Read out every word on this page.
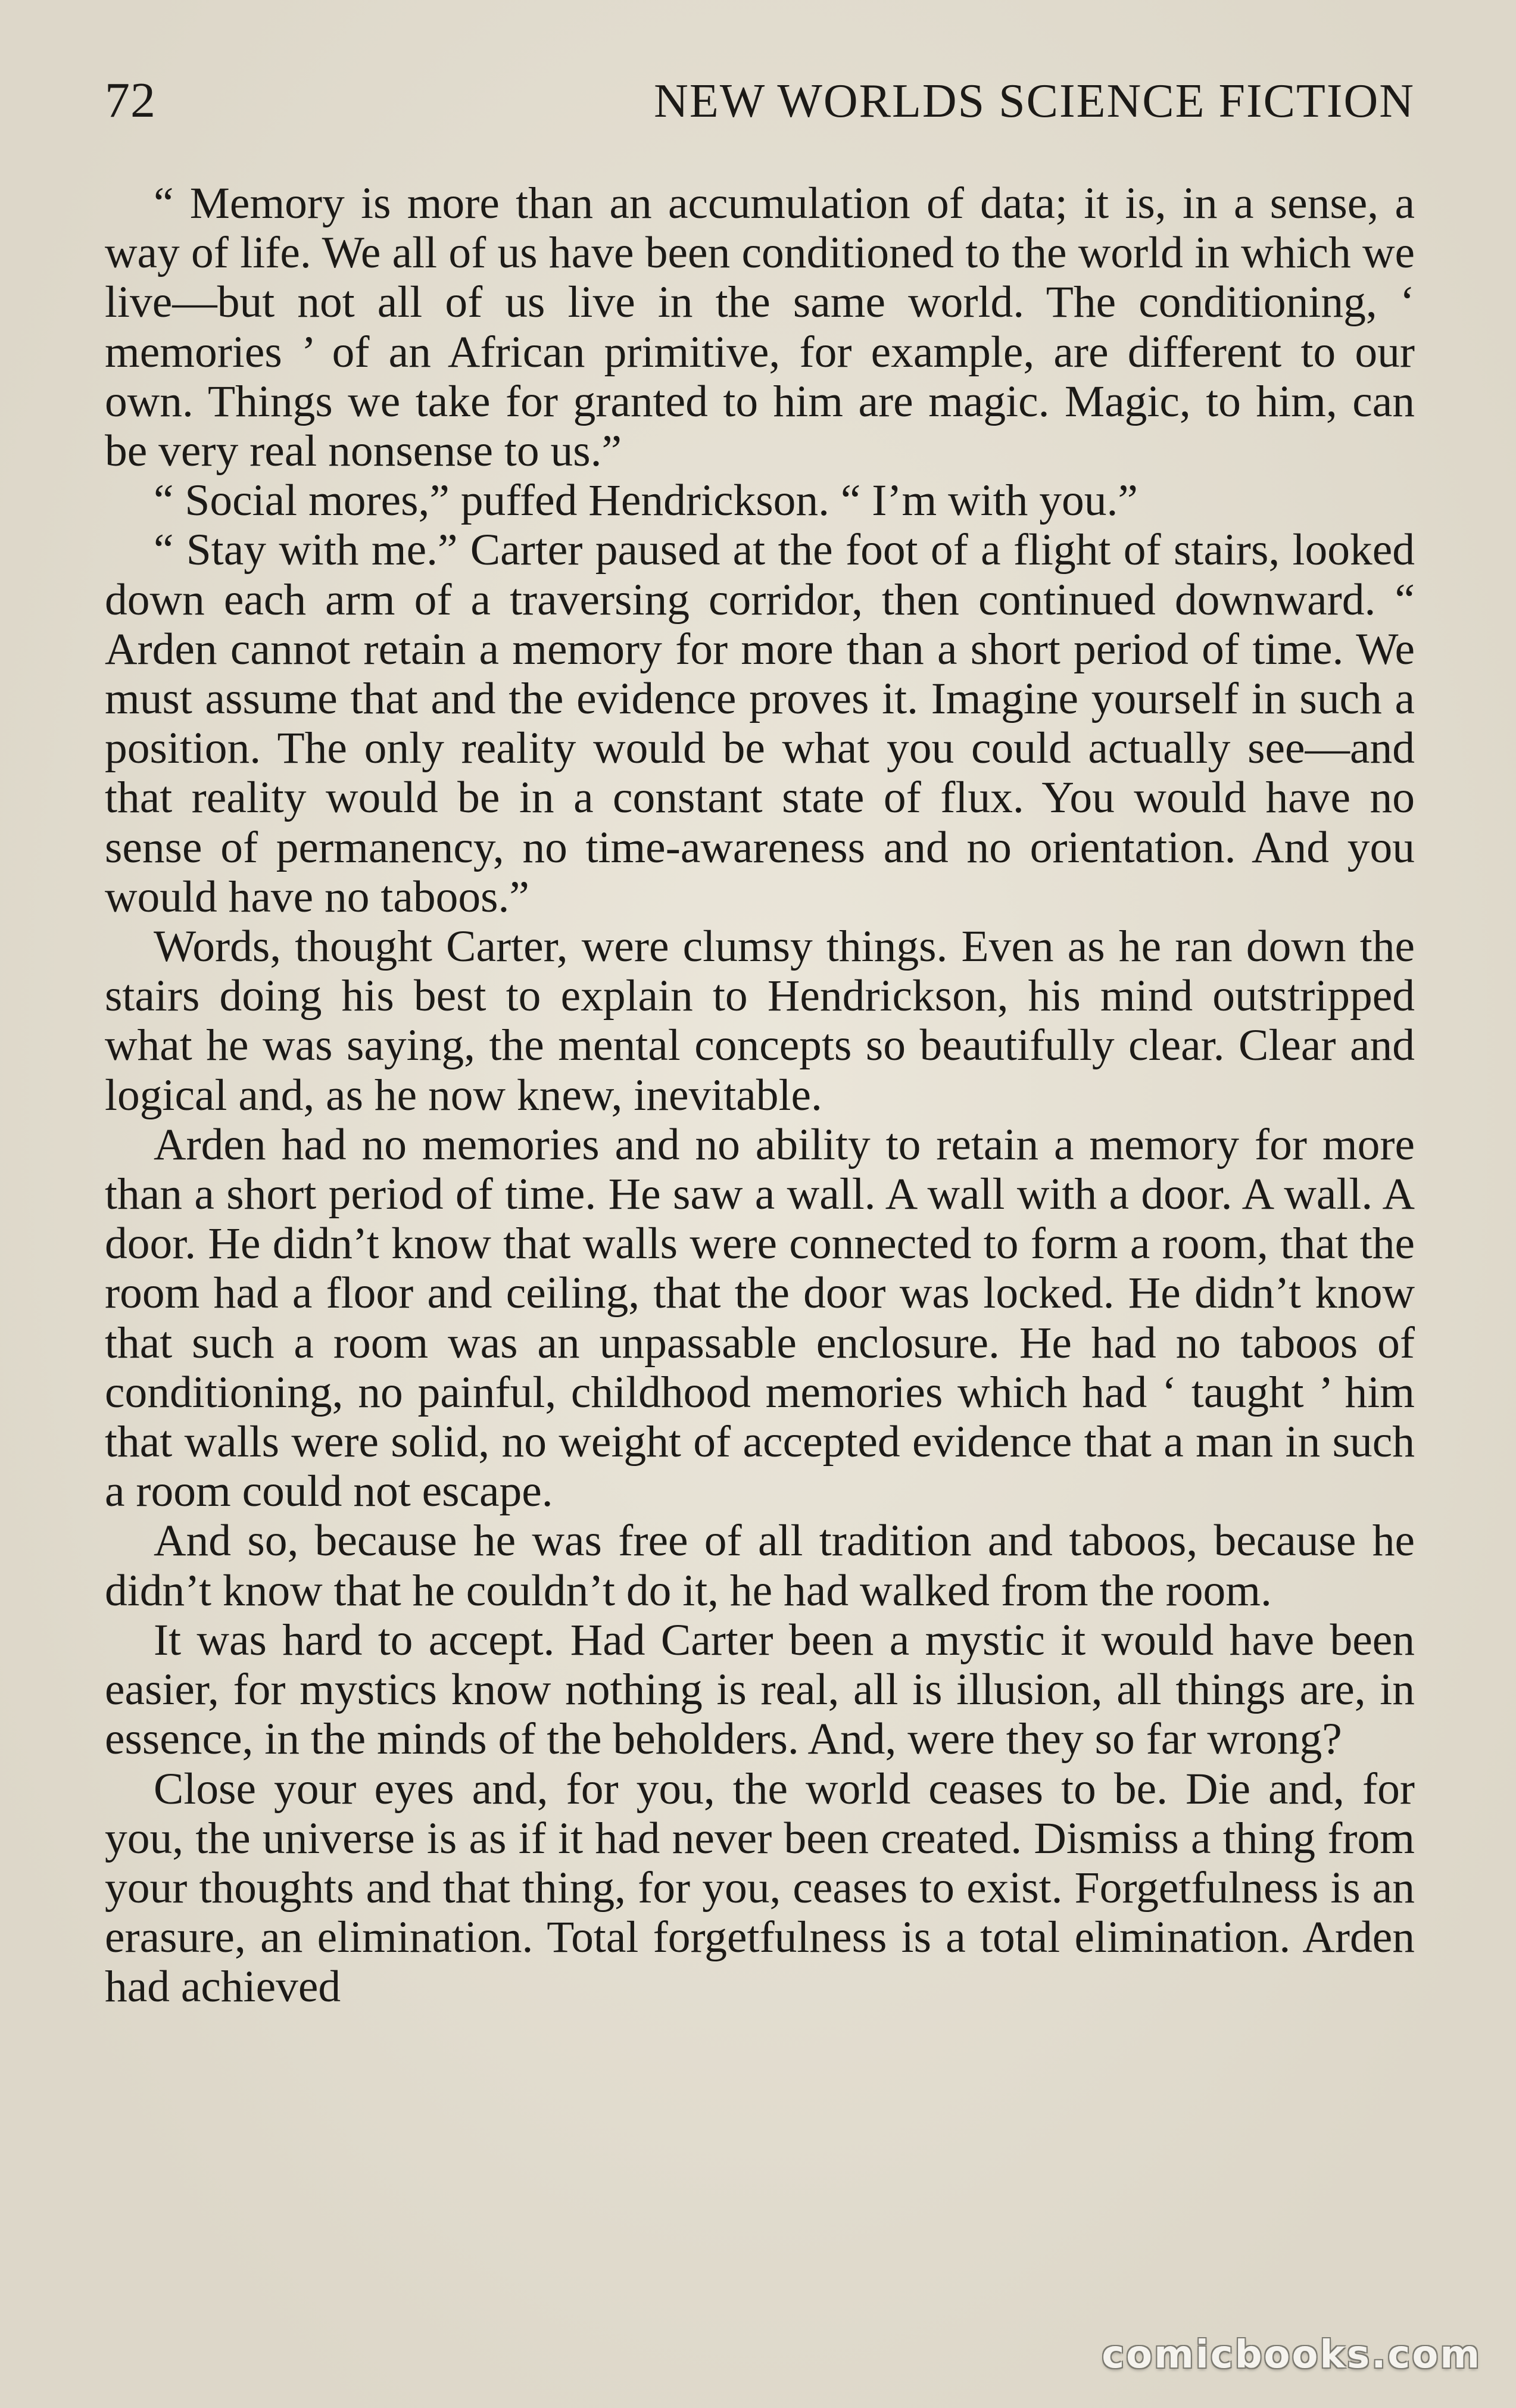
72	NEW WORLDS SCIENCE FICTION

“ Memory is more than an accumulation of data; it is, in a sense, a way of life. We all of us have been conditioned to the world in which we live—but not all of us live in the same world. The conditioning, ‘ memories ’ of an African primitive, for example, are different to our own. Things we take for granted to him are magic. Magic, to him, can be very real nonsense to us.”

“ Social mores,” puffed Hendrickson. “ I’m with you.”

“ Stay with me.” Carter paused at the foot of a flight of stairs, looked down each arm of a traversing corridor, then continued downward. “ Arden cannot retain a memory for more than a short period of time. We must assume that and the evidence proves it. Imagine yourself in such a position. The only reality would be what you could actually see—and that reality would be in a constant state of flux. You would have no sense of permanency, no time-awareness and no orientation. And you would have no taboos.”

Words, thought Carter, were clumsy things. Even as he ran down the stairs doing his best to explain to Hendrickson, his mind outstripped what he was saying, the mental concepts so beautifully clear. Clear and logical and, as he now knew, inevitable.

Arden had no memories and no ability to retain a memory for more than a short period of time. He saw a wall. A wall with a door. A wall. A door. He didn’t know that walls were connected to form a room, that the room had a floor and ceiling, that the door was locked. He didn’t know that such a room was an unpassable enclosure. He had no taboos of conditioning, no painful, childhood memories which had ‘ taught ’ him that walls were solid, no weight of accepted evidence that a man in such a room could not escape.

And so, because he was free of all tradition and taboos, because he didn’t know that he couldn’t do it, he had walked from the room.

It was hard to accept. Had Carter been a mystic it would have been easier, for mystics know nothing is real, all is illusion, all things are, in essence, in the minds of the beholders. And, were they so far wrong?

Close your eyes and, for you, the world ceases to be. Die and, for you, the universe is as if it had never been created. Dismiss a thing from your thoughts and that thing, for you, ceases to exist. Forgetfulness is an erasure, an elimination. Total forgetfulness is a total elimination. Arden had achieved

comicbooks.com
